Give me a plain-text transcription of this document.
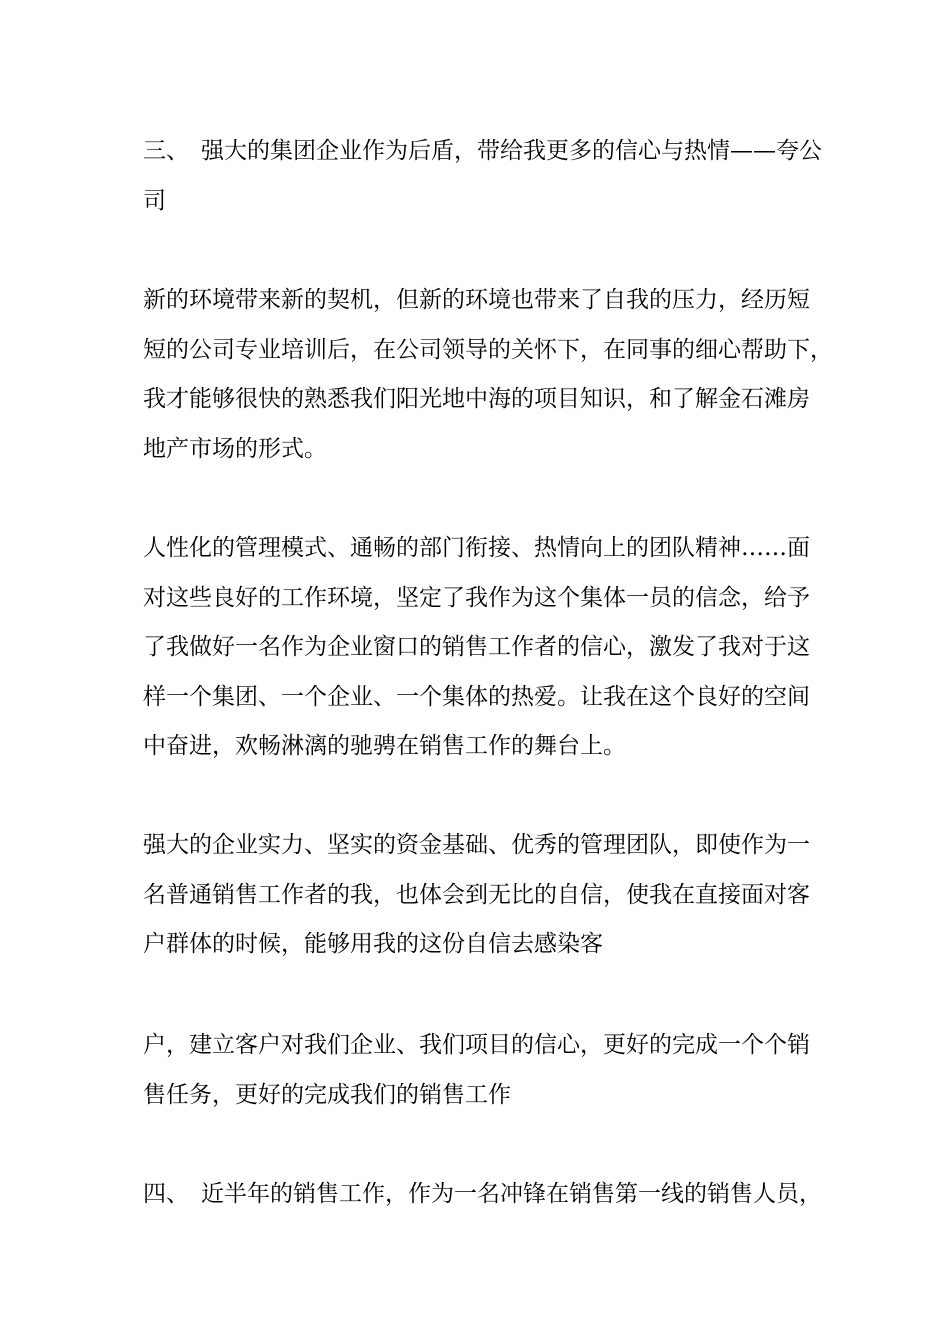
三、 强大的集团企业作为后盾，带给我更多的信心与热情——夸公
司
新的环境带来新的契机，但新的环境也带来了自我的压力，经历短
短的公司专业培训后，在公司领导的关怀下，在同事的细心帮助下，
我才能够很快的熟悉我们阳光地中海的项目知识，和了解金石滩房
地产市场的形式。
人性化的管理模式、通畅的部门衔接、热情向上的团队精神……面
对这些良好的工作环境，坚定了我作为这个集体一员的信念，给予
了我做好一名作为企业窗口的销售工作者的信心，激发了我对于这
样一个集团、一个企业、一个集体的热爱。让我在这个良好的空间
中奋进，欢畅淋漓的驰骋在销售工作的舞台上。
强大的企业实力、坚实的资金基础、优秀的管理团队，即使作为一
名普通销售工作者的我，也体会到无比的自信，使我在直接面对客
户群体的时候，能够用我的这份自信去感染客
户，建立客户对我们企业、我们项目的信心，更好的完成一个个销
售任务，更好的完成我们的销售工作
四、 近半年的销售工作，作为一名冲锋在销售第一线的销售人员，
